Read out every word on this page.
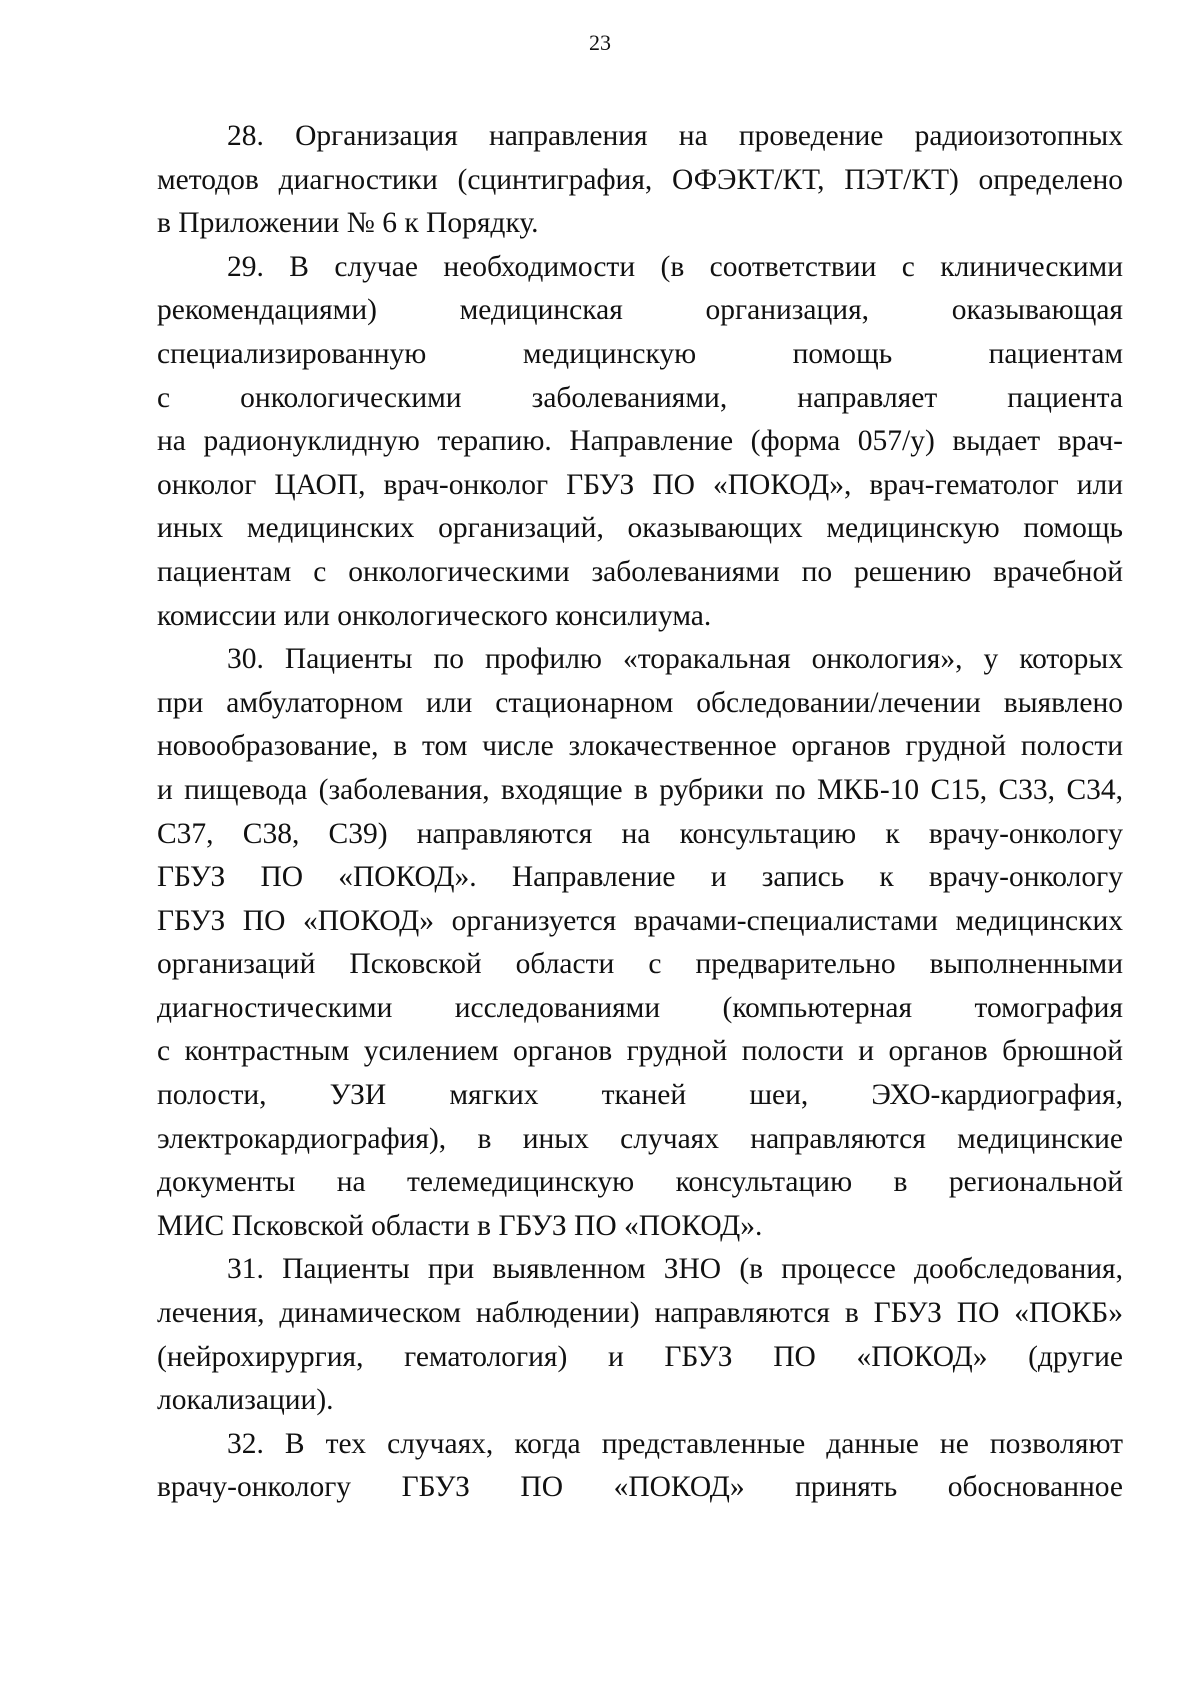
23
28. Организация направления на проведение радиоизотопных
методов диагностики (сцинтиграфия, ОФЭКТ/КТ, ПЭТ/КТ) определено
в Приложении № 6 к Порядку.
29. В случае необходимости (в соответствии с клиническими
рекомендациями) медицинская организация, оказывающая
специализированную медицинскую помощь пациентам
с онкологическими заболеваниями, направляет пациента
на радионуклидную терапию. Направление (форма 057/у) выдает врач-
онколог ЦАОП, врач-онколог ГБУЗ ПО «ПОКОД», врач-гематолог или
иных медицинских организаций, оказывающих медицинскую помощь
пациентам с онкологическими заболеваниями по решению врачебной
комиссии или онкологического консилиума.
30. Пациенты по профилю «торакальная онкология», у которых
при амбулаторном или стационарном обследовании/лечении выявлено
новообразование, в том числе злокачественное органов грудной полости
и пищевода (заболевания, входящие в рубрики по МКБ-10 С15, С33, С34,
С37, С38, С39) направляются на консультацию к врачу-онкологу
ГБУЗ ПО «ПОКОД». Направление и запись к врачу-онкологу
ГБУЗ ПО «ПОКОД» организуется врачами-специалистами медицинских
организаций Псковской области с предварительно выполненными
диагностическими исследованиями (компьютерная томография
с контрастным усилением органов грудной полости и органов брюшной
полости, УЗИ мягких тканей шеи, ЭХО-кардиография,
электрокардиография), в иных случаях направляются медицинские
документы на телемедицинскую консультацию в региональной
МИС Псковской области в ГБУЗ ПО «ПОКОД».
31. Пациенты при выявленном ЗНО (в процессе дообследования,
лечения, динамическом наблюдении) направляются в ГБУЗ ПО «ПОКБ»
(нейрохирургия, гематология) и ГБУЗ ПО «ПОКОД» (другие
локализации).
32. В тех случаях, когда представленные данные не позволяют
врачу-онкологу ГБУЗ ПО «ПОКОД» принять обоснованное
